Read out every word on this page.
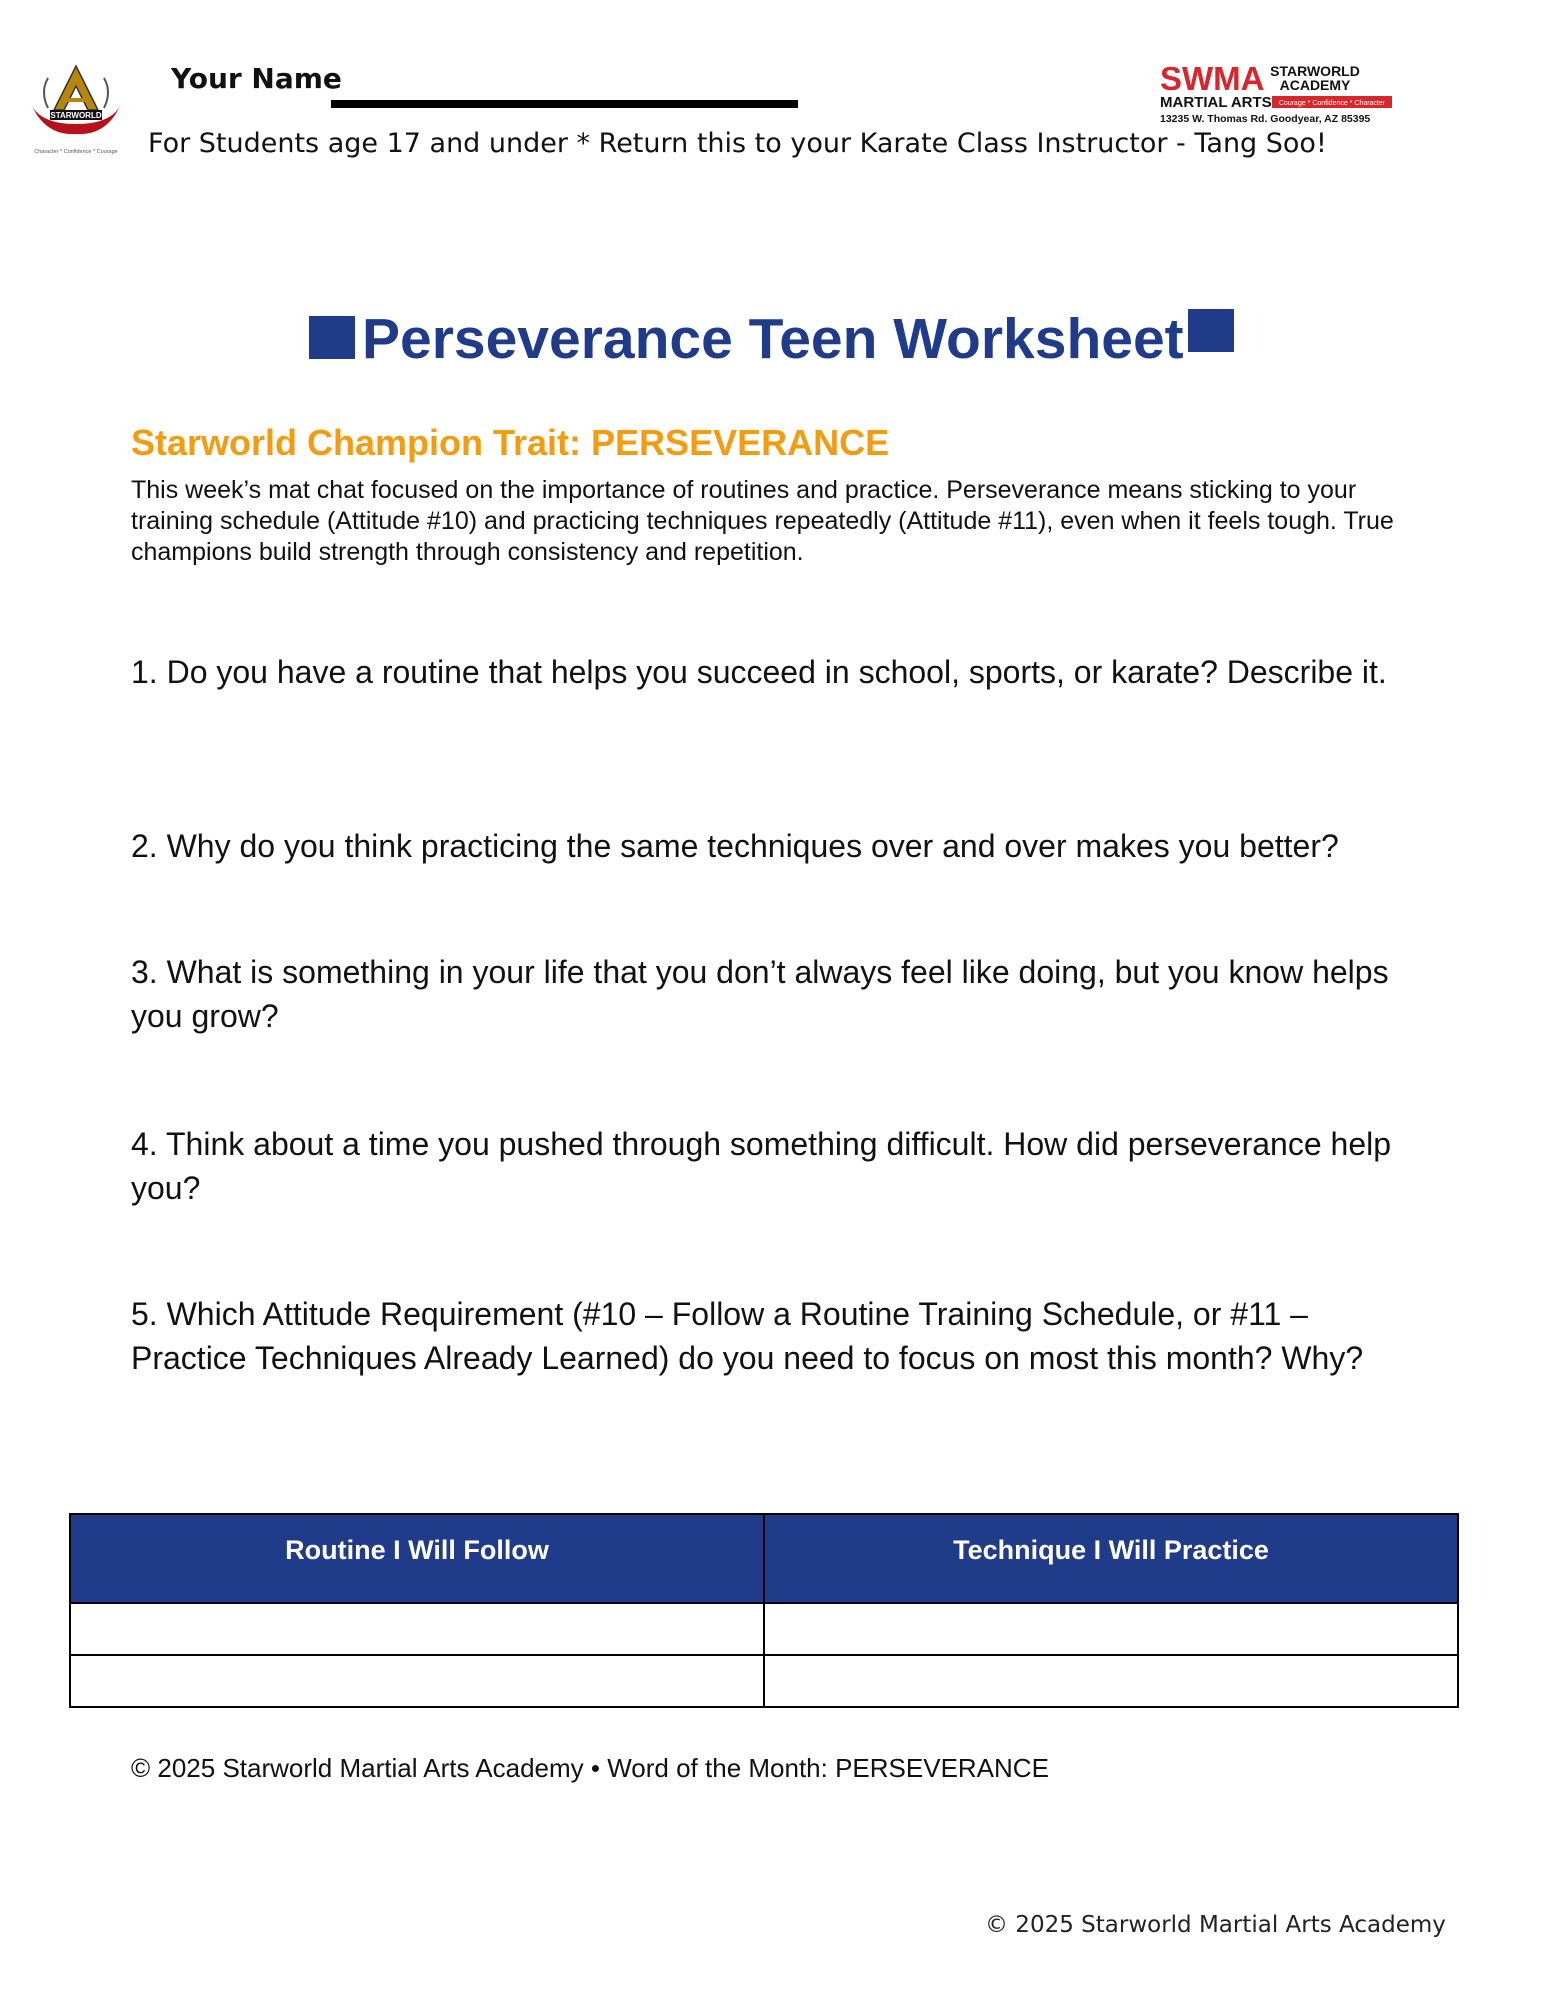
STARWORLD
Character * Confidence * Courage
Your Name
For Students age 17 and under * Return this to your Karate Class Instructor - Tang Soo!
SWMA STARWORLD
ACADEMY
MARTIAL ARTS Courage * Confidence * Character
13235 W. Thomas Rd. Goodyear, AZ 85395
Perseverance Teen Worksheet
Starworld Champion Trait: PERSEVERANCE
This week’s mat chat focused on the importance of routines and practice. Perseverance means sticking to your training schedule (Attitude #10) and practicing techniques repeatedly (Attitude #11), even when it feels tough. True champions build strength through consistency and repetition.
1. Do you have a routine that helps you succeed in school, sports, or karate? Describe it.
2. Why do you think practicing the same techniques over and over makes you better?
3. What is something in your life that you don’t always feel like doing, but you know helps you grow?
4. Think about a time you pushed through something difficult. How did perseverance help you?
5. Which Attitude Requirement (#10 – Follow a Routine Training Schedule, or #11 – Practice Techniques Already Learned) do you need to focus on most this month? Why?
Routine I Will Follow	Technique I Will Practice

© 2025 Starworld Martial Arts Academy • Word of the Month: PERSEVERANCE
© 2025 Starworld Martial Arts Academy
